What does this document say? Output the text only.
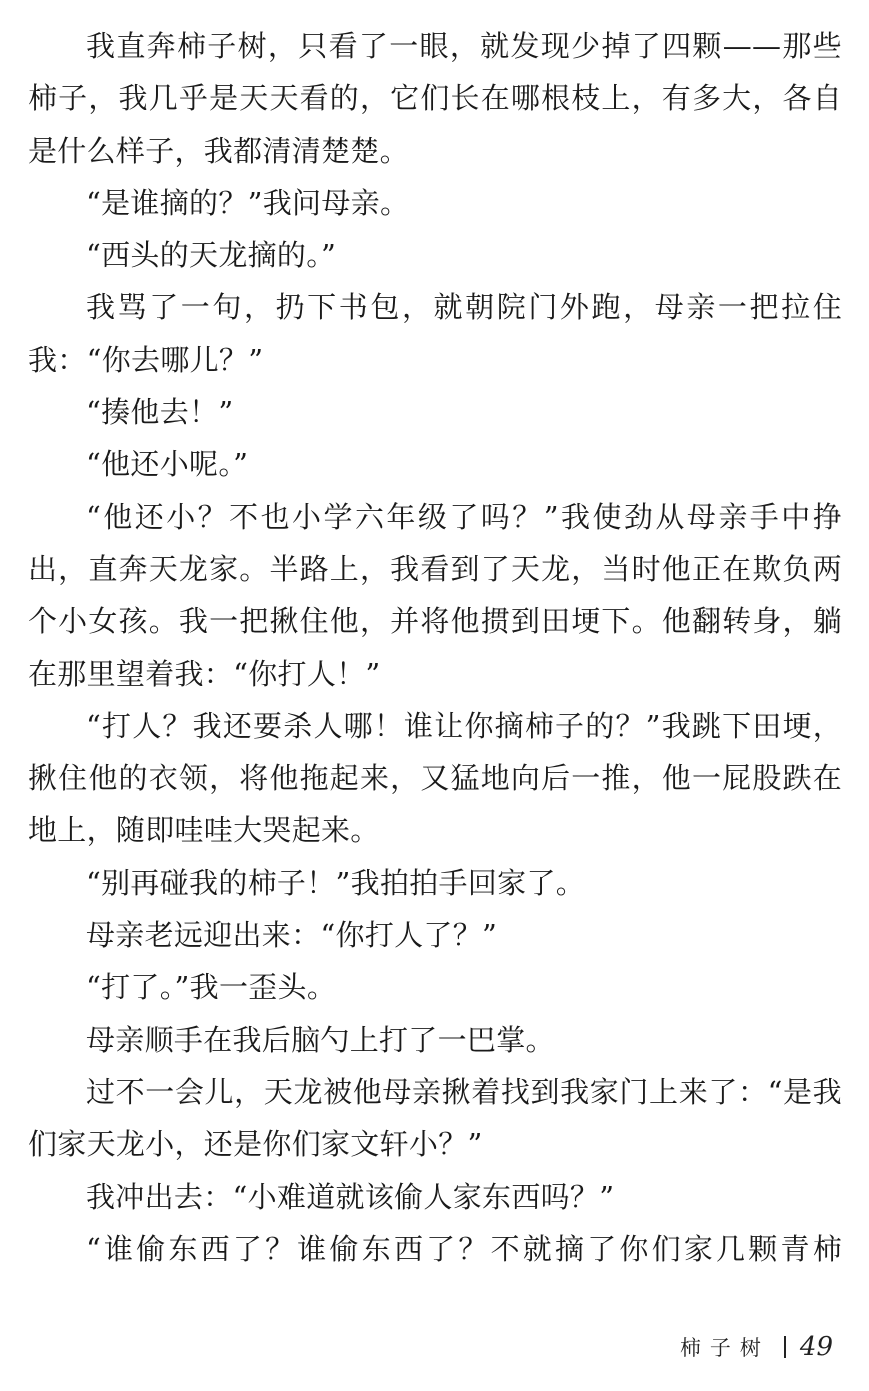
我直奔柿子树，只看了一眼，就发现少掉了四颗——那些柿子，我几乎是天天看的，它们长在哪根枝上，有多大，各自是什么样子，我都清清楚楚。

“是谁摘的？”我问母亲。

“西头的天龙摘的。”

我骂了一句，扔下书包，就朝院门外跑，母亲一把拉住我：“你去哪儿？”

“揍他去！”

“他还小呢。”

“他还小？不也小学六年级了吗？”我使劲从母亲手中挣出，直奔天龙家。半路上，我看到了天龙，当时他正在欺负两个小女孩。我一把揪住他，并将他掼到田埂下。他翻转身，躺在那里望着我：“你打人！”

“打人？我还要杀人哪！谁让你摘柿子的？”我跳下田埂，揪住他的衣领，将他拖起来，又猛地向后一推，他一屁股跌在地上，随即哇哇大哭起来。

“别再碰我的柿子！”我拍拍手回家了。

母亲老远迎出来：“你打人了？”

“打了。”我一歪头。

母亲顺手在我后脑勺上打了一巴掌。

过不一会儿，天龙被他母亲揪着找到我家门上来了：“是我们家天龙小，还是你们家文轩小？”

我冲出去：“小难道就该偷人家东西吗？”

“谁偷东西了？谁偷东西了？不就摘了你们家几颗青柿

柿子树 49
